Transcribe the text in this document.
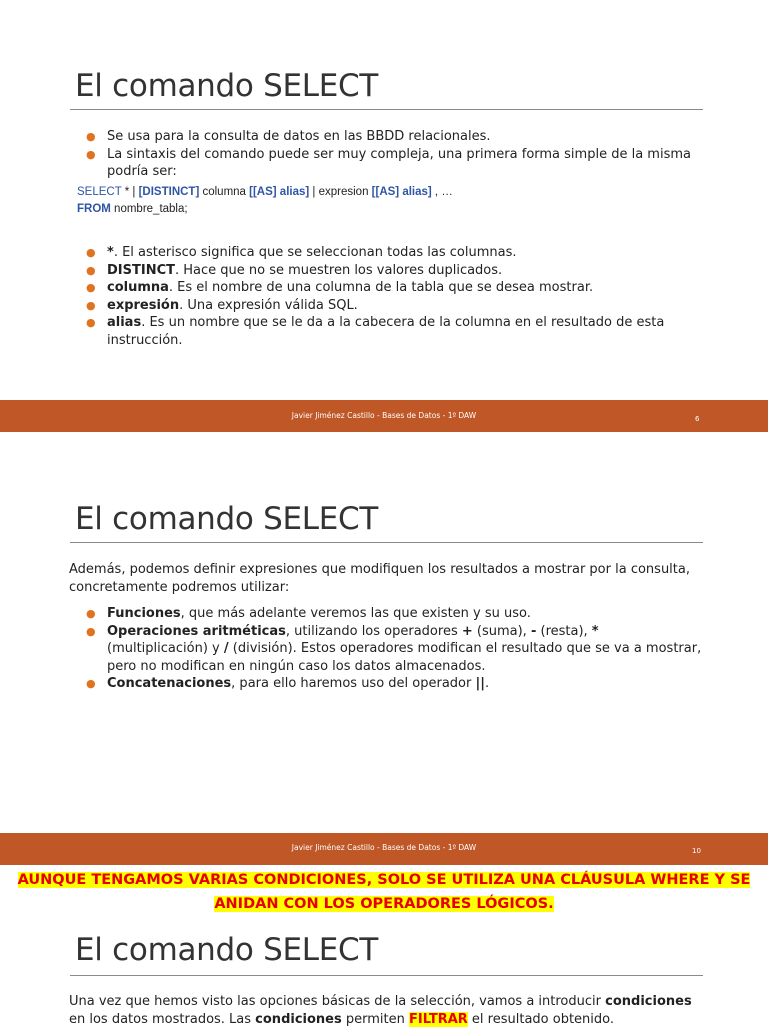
El comando SELECT
● Se usa para la consulta de datos en las BBDD relacionales.
● La sintaxis del comando puede ser muy compleja, una primera forma simple de la misma podría ser:
SELECT * | [DISTINCT] columna [[AS] alias] | expresion [[AS] alias] , …
FROM nombre_tabla;
● *. El asterisco significa que se seleccionan todas las columnas.
● DISTINCT. Hace que no se muestren los valores duplicados.
● columna. Es el nombre de una columna de la tabla que se desea mostrar.
● expresión. Una expresión válida SQL.
● alias. Es un nombre que se le da a la cabecera de la columna en el resultado de esta instrucción.
Javier Jiménez Castillo - Bases de Datos - 1º DAW	6
El comando SELECT
Además, podemos definir expresiones que modifiquen los resultados a mostrar por la consulta, concretamente podremos utilizar:
● Funciones, que más adelante veremos las que existen y su uso.
● Operaciones aritméticas, utilizando los operadores + (suma), - (resta), * (multiplicación) y / (división). Estos operadores modifican el resultado que se va a mostrar, pero no modifican en ningún caso los datos almacenados.
● Concatenaciones, para ello haremos uso del operador ||.
Javier Jiménez Castillo - Bases de Datos - 1º DAW	10
AUNQUE TENGAMOS VARIAS CONDICIONES, SOLO SE UTILIZA UNA CLÁUSULA WHERE Y SE
ANIDAN CON LOS OPERADORES LÓGICOS.
El comando SELECT
Una vez que hemos visto las opciones básicas de la selección, vamos a introducir condiciones en los datos mostrados. Las condiciones permiten FILTRAR el resultado obtenido.
